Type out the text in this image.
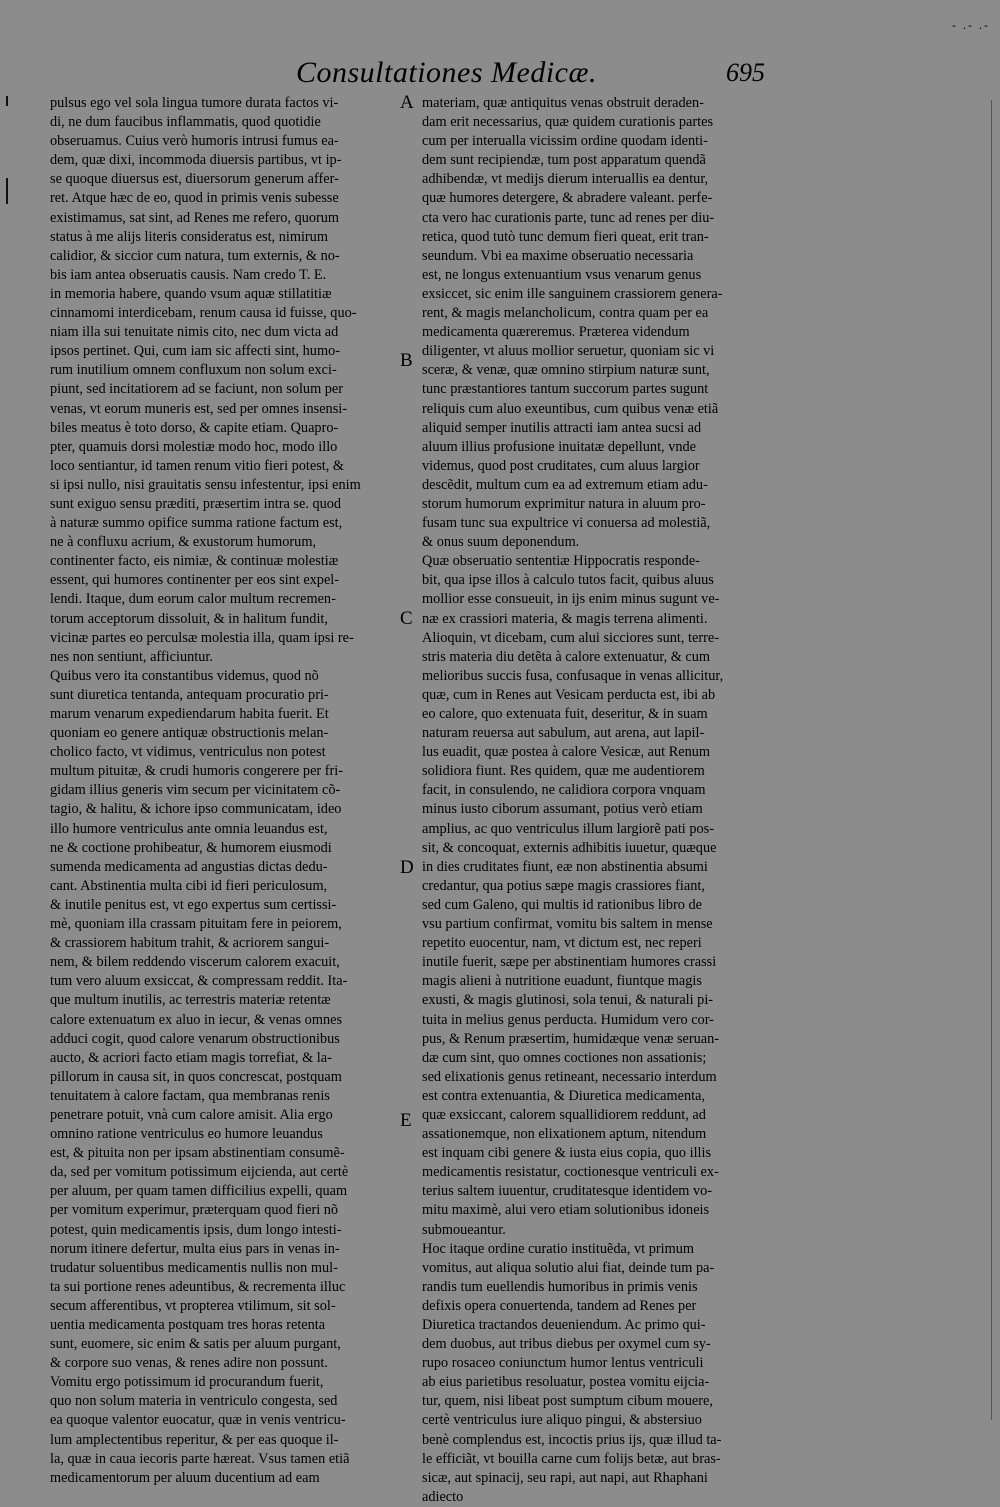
- .- .-
Consultationes Medicæ.	695
pulsus ego vel sola lingua tumore durata factos vi-
di, ne dum faucibus inflammatis, quod quotidie
obseruamus. Cuius verò humoris intrusi fumus ea-
dem, quæ dixi, incommoda diuersis partibus, vt ip-
se quoque diuersus est, diuersorum generum affer-
ret. Atque hæc de eo, quod in primis venis subesse
existimamus, sat sint, ad Renes me refero, quorum
status à me alijs literis consideratus est, nimirum
calidior, & siccior cum natura, tum externis, & no-
bis iam antea obseruatis causis. Nam credo T. E.
in memoria habere, quando vsum aquæ stillatitiæ
cinnamomi interdicebam, renum causa id fuisse, quo-
niam illa sui tenuitate nimis cito, nec dum victa ad
ipsos pertinet. Qui, cum iam sic affecti sint, humo-
rum inutilium omnem confluxum non solum exci-
piunt, sed incitatiorem ad se faciunt, non solum per
venas, vt eorum muneris est, sed per omnes insensi-
biles meatus è toto dorso, & capite etiam. Quapro-
pter, quamuis dorsi molestiæ modo hoc, modo illo
loco sentiantur, id tamen renum vitio fieri potest, &
si ipsi nullo, nisi grauitatis sensu infestentur, ipsi enim
sunt exiguo sensu præditi, præsertim intra se. quod
à naturæ summo opifice summa ratione factum est,
ne à confluxu acrium, & exustorum humorum,
continenter facto, eis nimiæ, & continuæ molestiæ
essent, qui humores continenter per eos sint expel-
lendi. Itaque, dum eorum calor multum recremen-
torum acceptorum dissoluit, & in halitum fundit,
vicinæ partes eo perculsæ molestia illa, quam ipsi re-
nes non sentiunt, afficiuntur.
Quibus vero ita constantibus videmus, quod nõ
sunt diuretica tentanda, antequam procuratio pri-
marum venarum expediendarum habita fuerit. Et
quoniam eo genere antiquæ obstructionis melan-
cholico facto, vt vidimus, ventriculus non potest
multum pituitæ, & crudi humoris congerere per fri-
gidam illius generis vim secum per vicinitatem cõ-
tagio, & halitu, & ichore ipso communicatam, ideo
illo humore ventriculus ante omnia leuandus est,
ne & coctione prohibeatur, & humorem eiusmodi
sumenda medicamenta ad angustias dictas dedu-
cant. Abstinentia multa cibi id fieri periculosum,
& inutile penitus est, vt ego expertus sum certissi-
mè, quoniam illa crassam pituitam fere in peiorem,
& crassiorem habitum trahit, & acriorem sangui-
nem, & bilem reddendo viscerum calorem exacuit,
tum vero aluum exsiccat, & compressam reddit. Ita-
que multum inutilis, ac terrestris materiæ retentæ
calore extenuatum ex aluo in iecur, & venas omnes
adduci cogit, quod calore venarum obstructionibus
aucto, & acriori facto etiam magis torrefiat, & la-
pillorum in causa sit, in quos concrescat, postquam
tenuitatem à calore factam, qua membranas renis
penetrare potuit, vnà cum calore amisit. Alia ergo
omnino ratione ventriculus eo humore leuandus
est, & pituita non per ipsam abstinentiam consumẽ-
da, sed per vomitum potissimum eijcienda, aut certè
per aluum, per quam tamen difficilius expelli, quam
per vomitum experimur, præterquam quod fieri nõ
potest, quin medicamentis ipsis, dum longo intesti-
norum itinere defertur, multa eius pars in venas in-
trudatur soluentibus medicamentis nullis non mul-
ta sui portione renes adeuntibus, & recrementa illuc
secum afferentibus, vt propterea vtilimum, sit sol-
uentia medicamenta postquam tres horas retenta
sunt, euomere, sic enim & satis per aluum purgant,
& corpore suo venas, & renes adire non possunt.
Vomitu ergo potissimum id procurandum fuerit,
quo non solum materia in ventriculo congesta, sed
ea quoque valentor euocatur, quæ in venis ventricu-
lum amplectentibus reperitur, & per eas quoque il-
la, quæ in caua iecoris parte hæreat. Vsus tamen etiã
medicamentorum per aluum ducentium ad eam
materiam, quæ antiquitus venas obstruit deraden-
dam erit necessarius, quæ quidem curationis partes
cum per interualla vicissim ordine quodam identi-
dem sunt recipiendæ, tum post apparatum quendã
adhibendæ, vt medijs dierum interuallis ea dentur,
quæ humores detergere, & abradere valeant. perfe-
cta vero hac curationis parte, tunc ad renes per diu-
retica, quod tutò tunc demum fieri queat, erit tran-
seundum. Vbi ea maxime obseruatio necessaria
est, ne longus extenuantium vsus venarum genus
exsiccet, sic enim ille sanguinem crassiorem genera-
rent, & magis melancholicum, contra quam per ea
medicamenta quæreremus. Præterea videndum
diligenter, vt aluus mollior seruetur, quoniam sic vi
sceræ, & venæ, quæ omnino stirpium naturæ sunt,
tunc præstantiores tantum succorum partes sugunt
reliquis cum aluo exeuntibus, cum quibus venæ etiã
aliquid semper inutilis attracti iam antea sucsi ad
aluum illius profusione inuitatæ depellunt, vnde
videmus, quod post cruditates, cum aluus largior
descẽdit, multum cum ea ad extremum etiam adu-
storum humorum exprimitur natura in aluum pro-
fusam tunc sua expultrice vi conuersa ad molestiã,
& onus suum deponendum.
Quæ obseruatio sententiæ Hippocratis responde-
bit, qua ipse illos à calculo tutos facit, quibus aluus
mollior esse consueuit, in ijs enim minus sugunt ve-
næ ex crassiori materia, & magis terrena alimenti.
Alioquin, vt dicebam, cum alui sicciores sunt, terre-
stris materia diu detẽta à calore extenuatur, & cum
melioribus succis fusa, confusaque in venas allicitur,
quæ, cum in Renes aut Vesicam perducta est, ibi ab
eo calore, quo extenuata fuit, deseritur, & in suam
naturam reuersa aut sabulum, aut arena, aut lapil-
lus euadit, quæ postea à calore Vesicæ, aut Renum
solidiora fiunt. Res quidem, quæ me audentiorem
facit, in consulendo, ne calidiora corpora vnquam
minus iusto ciborum assumant, potius verò etiam
amplius, ac quo ventriculus illum largiorẽ pati pos-
sit, & concoquat, externis adhibitis iuuetur, quæque
in dies cruditates fiunt, eæ non abstinentia absumi
credantur, qua potius sæpe magis crassiores fiant,
sed cum Galeno, qui multis id rationibus libro de
vsu partium confirmat, vomitu bis saltem in mense
repetito euocentur, nam, vt dictum est, nec reperi
inutile fuerit, sæpe per abstinentiam humores crassi
magis alieni à nutritione euadunt, fiuntque magis
exusti, & magis glutinosi, sola tenui, & naturali pi-
tuita in melius genus perducta. Humidum vero cor-
pus, & Renum præsertim, humidæque venæ seruan-
dæ cum sint, quo omnes coctiones non assationis;
sed elixationis genus retineant, necessario interdum
est contra extenuantia, & Diuretica medicamenta,
quæ exsiccant, calorem squallidiorem reddunt, ad
assationemque, non elixationem aptum, nitendum
est inquam cibi genere & iusta eius copia, quo illis
medicamentis resistatur, coctionesque ventriculi ex-
terius saltem iuuentur, cruditatesque identidem vo-
mitu maximè, alui vero etiam solutionibus idoneis
submoueantur.
Hoc itaque ordine curatio instituẽda, vt primum
vomitus, aut aliqua solutio alui fiat, deinde tum pa-
randis tum euellendis humoribus in primis venis
defixis opera conuertenda, tandem ad Renes per
Diuretica tractandos deueniendum. Ac primo qui-
dem duobus, aut tribus diebus per oxymel cum sy-
rupo rosaceo coniunctum humor lentus ventriculi
ab eius parietibus resoluatur, postea vomitu eijcia-
tur, quem, nisi libeat post sumptum cibum mouere,
certè ventriculus iure aliquo pingui, & abstersiuo
benè complendus est, incoctis prius ijs, quæ illud ta-
le efficiãt, vt bouilla carne cum folijs betæ, aut bras-
sicæ, aut spinacij, seu rapi, aut napi, aut Rhaphani
adiecto
A
B
C
D
E
